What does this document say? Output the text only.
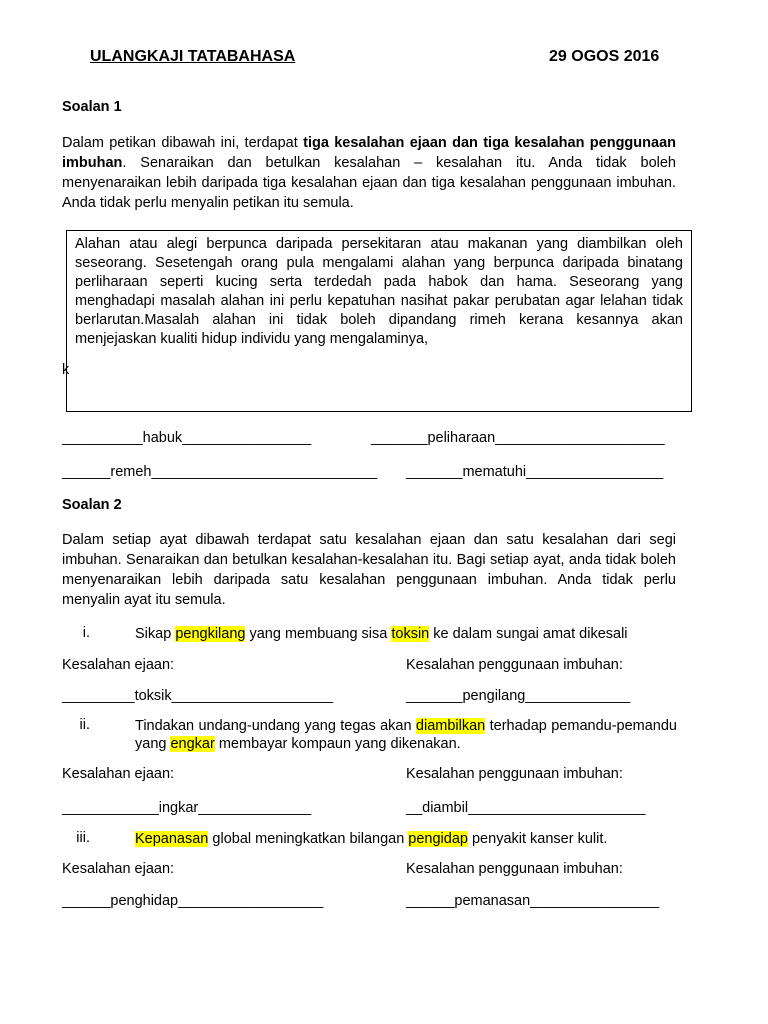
ULANGKAJI TATABAHASA	29 OGOS 2016
Soalan 1
Dalam petikan dibawah ini, terdapat tiga kesalahan ejaan dan tiga kesalahan penggunaan imbuhan. Senaraikan dan betulkan kesalahan – kesalahan itu. Anda tidak boleh menyenaraikan lebih daripada tiga kesalahan ejaan dan tiga kesalahan penggunaan imbuhan. Anda tidak perlu menyalin petikan itu semula.
k
Alahan atau alegi berpunca daripada persekitaran atau makanan yang diambilkan oleh seseorang. Sesetengah orang pula mengalami alahan yang berpunca daripada binatang perliharaan seperti kucing serta terdedah pada habok dan hama. Seseorang yang menghadapi masalah alahan ini perlu kepatuhan nasihat pakar perubatan agar lelahan tidak berlarutan.Masalah alahan ini tidak boleh dipandang rimeh kerana kesannya akan menjejaskan kualiti hidup individu yang mengalaminya,
__________habuk________________	_______peliharaan_____________________
______remeh____________________________ _______mematuhi_________________
Soalan 2
Dalam setiap ayat dibawah terdapat satu kesalahan ejaan dan satu kesalahan dari segi imbuhan. Senaraikan dan betulkan kesalahan-kesalahan itu. Bagi setiap ayat, anda tidak boleh menyenaraikan lebih daripada satu kesalahan penggunaan imbuhan. Anda tidak perlu menyalin ayat itu semula.
i.	Sikap pengkilang yang membuang sisa toksin ke dalam sungai amat dikesali
Kesalahan ejaan:	Kesalahan penggunaan imbuhan:
_________toksik____________________	_______pengilang_____________
ii.	Tindakan undang-undang yang tegas akan diambilkan terhadap pemandu-pemandu yang engkar membayar kompaun yang dikenakan.
Kesalahan ejaan:	Kesalahan penggunaan imbuhan:
____________ingkar______________	__diambil______________________
iii.	Kepanasan global meningkatkan bilangan pengidap penyakit kanser kulit.
Kesalahan ejaan:	Kesalahan penggunaan imbuhan:
______penghidap__________________	______pemanasan________________
